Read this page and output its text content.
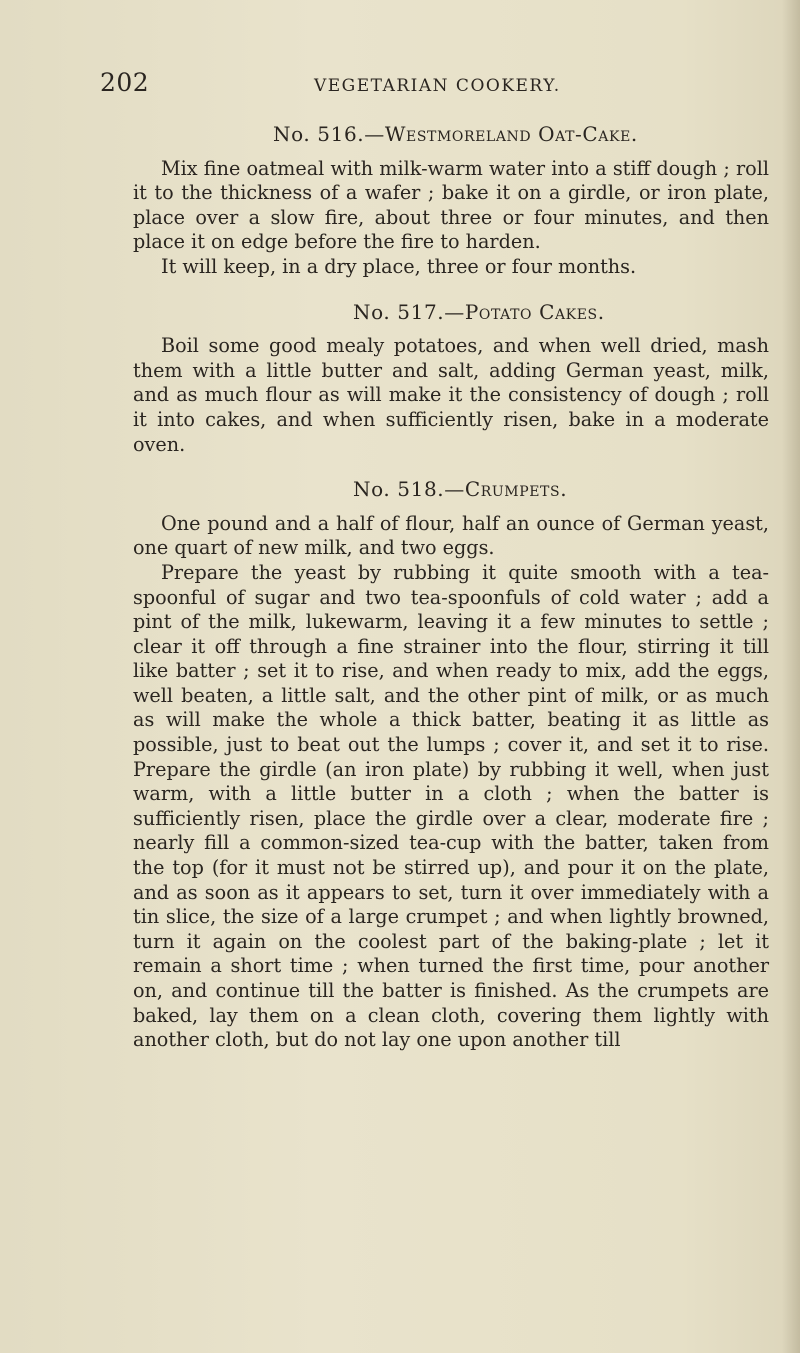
202	VEGETARIAN COOKERY.
No. 516.—Westmoreland Oat-Cake.

Mix fine oatmeal with milk-warm water into a stiff dough ; roll it to the thickness of a wafer ; bake it on a girdle, or iron plate, place over a slow fire, about three or four minutes, and then place it on edge before the fire to harden.

It will keep, in a dry place, three or four months.

No. 517.—Potato Cakes.

Boil some good mealy potatoes, and when well dried, mash them with a little butter and salt, adding German yeast, milk, and as much flour as will make it the consistency of dough ; roll it into cakes, and when sufficiently risen, bake in a moderate oven.

No. 518.—Crumpets.

One pound and a half of flour, half an ounce of German yeast, one quart of new milk, and two eggs.

Prepare the yeast by rubbing it quite smooth with a tea-spoonful of sugar and two tea-spoonfuls of cold water ; add a pint of the milk, lukewarm, leaving it a few minutes to settle ; clear it off through a fine strainer into the flour, stirring it till like batter ; set it to rise, and when ready to mix, add the eggs, well beaten, a little salt, and the other pint of milk, or as much as will make the whole a thick batter, beating it as little as possible, just to beat out the lumps ; cover it, and set it to rise. Prepare the girdle (an iron plate) by rubbing it well, when just warm, with a little butter in a cloth ; when the batter is sufficiently risen, place the girdle over a clear, moderate fire ; nearly fill a common-sized tea-cup with the batter, taken from the top (for it must not be stirred up), and pour it on the plate, and as soon as it appears to set, turn it over immediately with a tin slice, the size of a large crumpet ; and when lightly browned, turn it again on the coolest part of the baking-plate ; let it remain a short time ; when turned the first time, pour another on, and continue till the batter is finished. As the crumpets are baked, lay them on a clean cloth, covering them lightly with another cloth, but do not lay one upon another till
